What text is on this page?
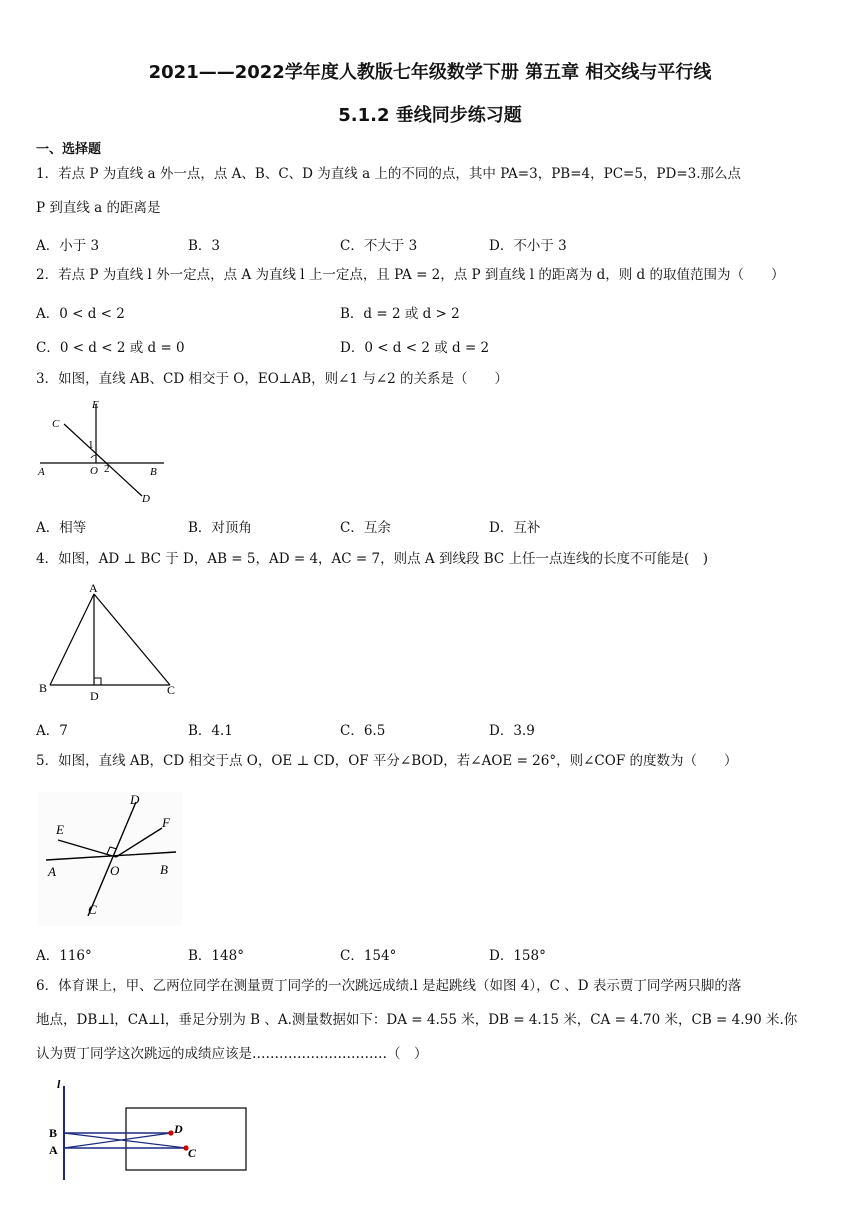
2021——2022学年度人教版七年级数学下册 第五章 相交线与平行线
5.1.2 垂线同步练习题
一、选择题
1．若点 P 为直线 a 外一点，点 A、B、C、D 为直线 a 上的不同的点，其中 PA=3，PB=4，PC=5，PD=3.那么点
P 到直线 a 的距离是
A．小于 3	B．3	C．不大于 3	D．不小于 3
2．若点 P 为直线 l 外一定点，点 A 为直线 l 上一定点，且 PA = 2，点 P 到直线 l 的距离为 d，则 d 的取值范围为（　　）
A．0 < d < 2	B．d = 2 或 d > 2
C．0 < d < 2 或 d = 0	D．0 < d < 2 或 d = 2
3．如图，直线 AB、CD 相交于 O，EO⊥AB，则∠1 与∠2 的关系是（　　）
E
C
1
A	O 2	B
D
A．相等	B．对顶角	C．互余	D．互补
4．如图，AD ⊥ BC 于 D，AB = 5，AD = 4，AC = 7，则点 A 到线段 BC 上任一点连线的长度不可能是(　)
A
B
D	C
A．7	B．4.1	C．6.5	D．3.9
5．如图，直线 AB，CD 相交于点 O，OE ⊥ CD，OF 平分∠BOD，若∠AOE = 26°，则∠COF 的度数为（　　）
D
E	F
A	O	B
C
A．116°	B．148°	C．154°	D．158°
6．体育课上，甲、乙两位同学在测量贾丁同学的一次跳远成绩.l 是起跳线（如图 4），C 、D 表示贾丁同学两只脚的落
地点，DB⊥l，CA⊥l，垂足分别为 B 、A.测量数据如下：DA = 4.55 米，DB = 4.15 米，CA = 4.70 米，CB = 4.90 米.你
认为贾丁同学这次跳远的成绩应该是…………………………（　）
l
B
A
D
C
